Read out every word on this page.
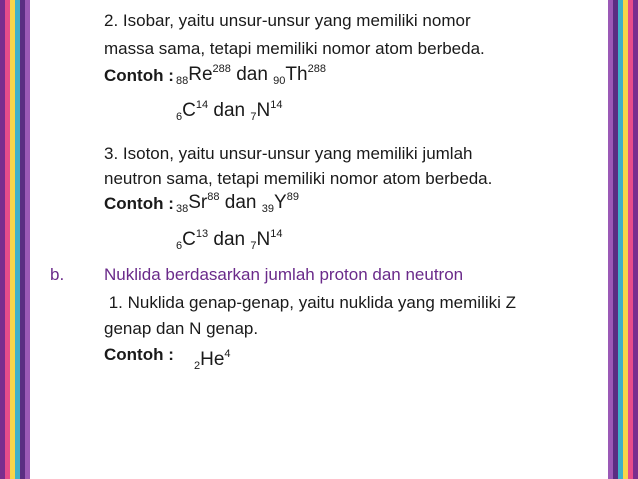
2. Isobar, yaitu unsur-unsur yang memiliki nomor
massa sama, tetapi memiliki nomor atom berbeda.
Contoh : $_{88}Re^{288}$ dan $_{90}Th^{288}$
$_6C^{14}$ dan $_7N^{14}$
3. Isoton, yaitu unsur-unsur yang memiliki jumlah
neutron sama, tetapi memiliki nomor atom berbeda.
Contoh : $_{38}Sr^{88}$ dan $_{39}Y^{89}$
$_6C^{13}$ dan $_7N^{14}$
b. Nuklida berdasarkan jumlah proton dan neutron
1. Nuklida genap-genap, yaitu nuklida yang memiliki Z
genap dan N genap.
Contoh :
$_2He^4$
